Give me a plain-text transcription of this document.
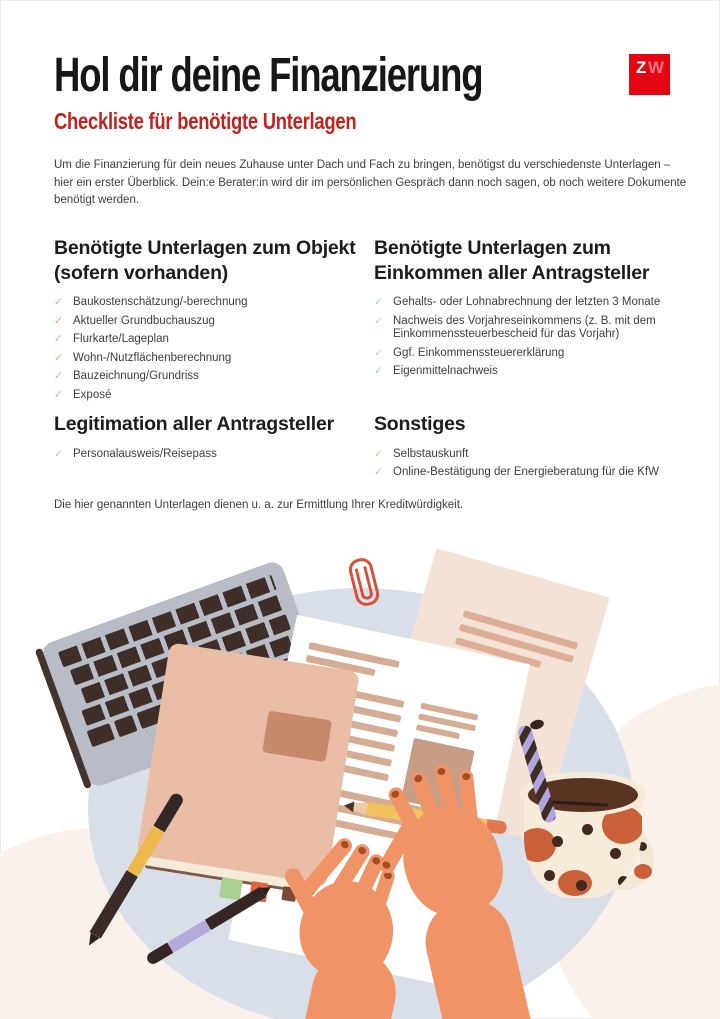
Hol dir deine Finanzierung
Checkliste für benötigte Unterlagen
Z W
Um die Finanzierung für dein neues Zuhause unter Dach und Fach zu bringen, benötigst du verschiedenste Unterlagen –
hier ein erster Überblick. Dein:e Berater:in wird dir im persönlichen Gespräch dann noch sagen, ob noch weitere Dokumente
benötigt werden.
Benötigte Unterlagen zum Objekt
(sofern vorhanden)
✓ Baukostenschätzung/-berechnung
✓ Aktueller Grundbuchauszug
✓ Flurkarte/Lageplan
✓ Wohn-/Nutzflächenberechnung
✓ Bauzeichnung/Grundriss
✓ Exposé
Benötigte Unterlagen zum
Einkommen aller Antragsteller
✓ Gehalts- oder Lohnabrechnung der letzten 3 Monate
✓ Nachweis des Vorjahreseinkommens (z. B. mit dem Einkommenssteuerbescheid für das Vorjahr)
✓ Ggf. Einkommenssteuererklärung
✓ Eigenmittelnachweis
Legitimation aller Antragsteller
✓ Personalausweis/Reisepass
Sonstiges
✓ Selbstauskunft
✓ Online-Bestätigung der Energieberatung für die KfW

Die hier genannten Unterlagen dienen u. a. zur Ermittlung Ihrer Kreditwürdigkeit.
